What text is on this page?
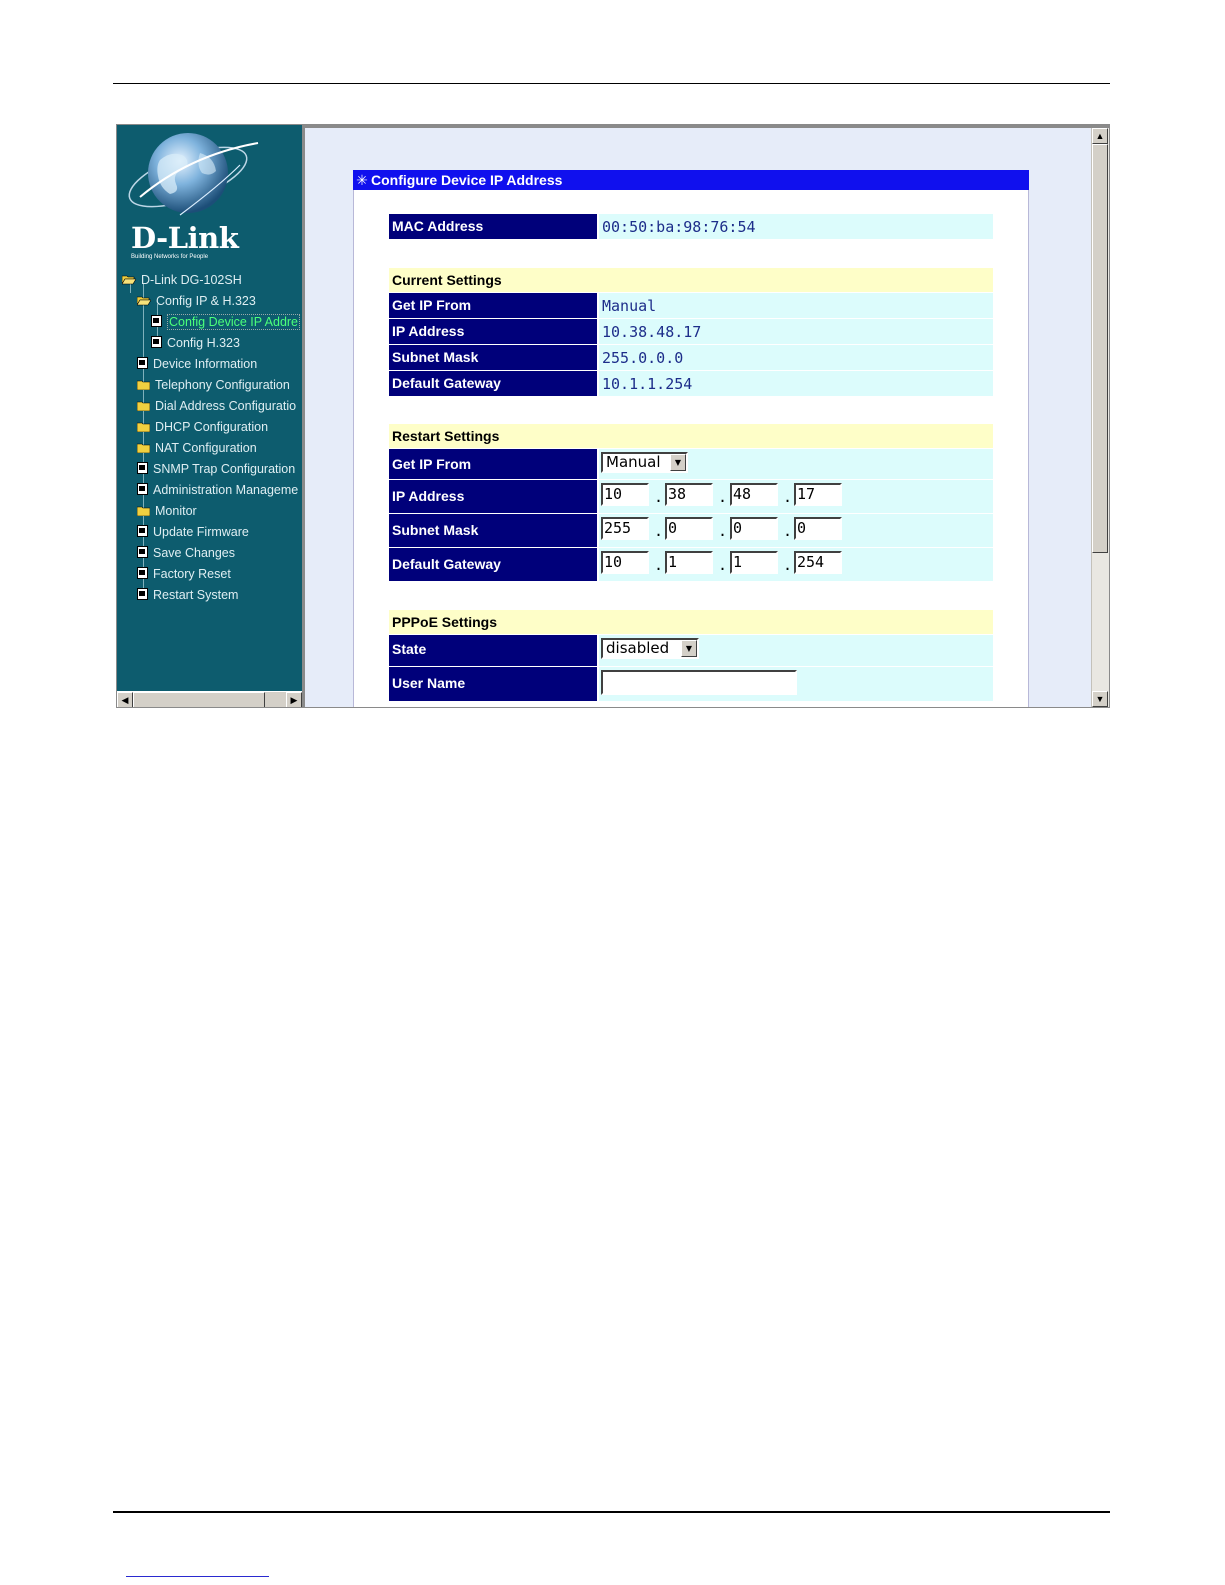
D-Link
Building Networks for People
D-Link DG-102SH
Config IP & H.323
Config Device IP Addre
Config H.323
Device Information
Telephony Configuration
Dial Address Configuratio
DHCP Configuration
NAT Configuration
SNMP Trap Configuration
Administration Manageme
Monitor
Update Firmware
Save Changes
Factory Reset
Restart System
◀	▶
✳ Configure Device IP Address
MAC Address	00:50:ba:98:76:54
Current Settings
Get IP From	Manual
IP Address	10.38.48.17
Subnet Mask	255.0.0.0
Default Gateway	10.1.1.254
Restart Settings
Get IP From	Manual	▼
IP Address	10	. 38	. 48	. 17
Subnet Mask	255	. 0	. 0	. 0
Default Gateway	10	. 1	. 1	. 254
PPPoE Settings
State	disabled	▼
User Name
▲
▼
